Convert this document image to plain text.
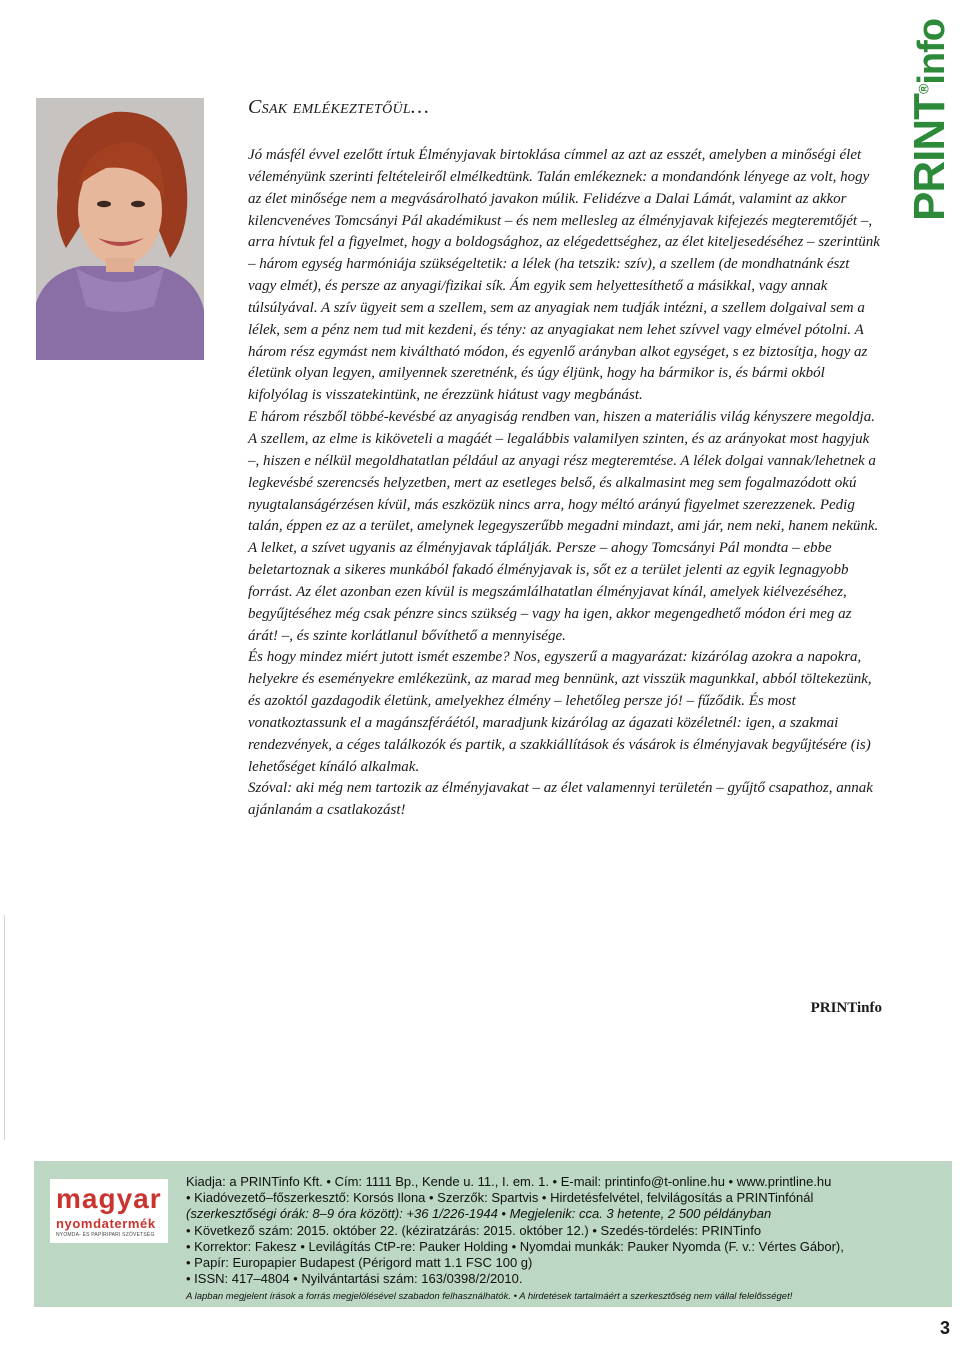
PRINT®info
Csak emlékeztetőül…

Jó másfél évvel ezelőtt írtuk Élményjavak birtoklása címmel az azt az esszét, amelyben a minőségi élet véleményünk szerinti feltételeiről elmélkedtünk. Talán emlékeznek: a mondandónk lényege az volt, hogy az élet minősége nem a megvásárolható javakon múlik. Felidézve a Dalai Lámát, valamint az akkor kilencvenéves Tomcsányi Pál akadémikust – és nem mellesleg az élményjavak kifejezés megteremtőjét –, arra hívtuk fel a figyelmet, hogy a boldogsághoz, az elégedettséghez, az élet kiteljesedéséhez – szerintünk – három egység harmóniája szükségeltetik: a lélek (ha tetszik: szív), a szellem (de mondhatnánk észt vagy elmét), és persze az anyagi/fizikai sík. Ám egyik sem helyettesíthető a másikkal, vagy annak túlsúlyával. A szív ügyeit sem a szellem, sem az anyagiak nem tudják intézni, a szellem dolgaival sem a lélek, sem a pénz nem tud mit kezdeni, és tény: az anyagiakat nem lehet szívvel vagy elmével pótolni. A három rész egymást nem kiváltható módon, és egyenlő arányban alkot egységet, s ez biztosítja, hogy az életünk olyan legyen, amilyennek szeretnénk, és úgy éljünk, hogy ha bármikor is, és bármi okból kifolyólag is visszatekintünk, ne érezzünk hiátust vagy megbánást.

E három részből többé-kevésbé az anyagiság rendben van, hiszen a materiális világ kényszere megoldja. A szellem, az elme is kiköveteli a magáét – legalábbis valamilyen szinten, és az arányokat most hagyjuk –, hiszen e nélkül megoldhatatlan például az anyagi rész megteremtése. A lélek dolgai vannak/lehetnek a legkevésbé szerencsés helyzetben, mert az esetleges belső, és alkalmasint meg sem fogalmazódott okú nyugtalanságérzésen kívül, más eszközük nincs arra, hogy méltó arányú figyelmet szerezzenek. Pedig talán, éppen ez az a terület, amelynek legegyszerűbb megadni mindazt, ami jár, nem neki, hanem nekünk. A lelket, a szívet ugyanis az élményjavak táplálják. Persze – ahogy Tomcsányi Pál mondta – ebbe beletartoznak a sikeres munkából fakadó élményjavak is, sőt ez a terület jelenti az egyik legnagyobb forrást. Az élet azonban ezen kívül is megszámlálhatatlan élményjavat kínál, amelyek kiélvezéséhez, begyűjtéséhez még csak pénzre sincs szükség – vagy ha igen, akkor megengedhető módon éri meg az árát! –, és szinte korlátlanul bővíthető a mennyisége.

És hogy mindez miért jutott ismét eszembe? Nos, egyszerű a magyarázat: kizárólag azokra a napokra, helyekre és eseményekre emlékezünk, az marad meg bennünk, azt visszük magunkkal, abból töltekezünk, és azoktól gazdagodik életünk, amelyekhez élmény – lehetőleg persze jó! – fűződik. És most vonatkoztassunk el a magánszféráétól, maradjunk kizárólag az ágazati közéletnél: igen, a szakmai rendezvények, a céges találkozók és partik, a szakkiállítások és vásárok is élményjavak begyűjtésére (is) lehetőséget kínáló alkalmak.

Szóval: aki még nem tartozik az élményjavakat – az élet valamennyi területén – gyűjtő csapathoz, annak ajánlanám a csatlakozást!

PRINTinfo
magyar
nyomdatermék
NYOMDA- ÉS PAPÍRIPARI SZÖVETSÉG
Kiadja: a PRINTinfo Kft. • Cím: 1111 Bp., Kende u. 11., I. em. 1. • E-mail: printinfo@t-online.hu • www.printline.hu
• Kiadóvezető–főszerkesztő: Korsós Ilona • Szerzők: Spartvis • Hirdetésfelvétel, felvilágosítás a PRINTinfónál
(szerkesztőségi órák: 8–9 óra között): +36 1/226-1944 • Megjelenik: cca. 3 hetente, 2 500 példányban
• Következő szám: 2015. október 22. (kéziratzárás: 2015. október 12.) • Szedés-tördelés: PRINTinfo
• Korrektor: Fakesz • Levilágítás CtP-re: Pauker Holding • Nyomdai munkák: Pauker Nyomda (F. v.: Vértes Gábor),
• Papír: Europapier Budapest (Périgord matt 1.1 FSC 100 g)
• ISSN: 417–4804 • Nyilvántartási szám: 163/0398/2/2010.
A lapban megjelent írások a forrás megjelölésével szabadon felhasználhatók. • A hirdetések tartalmáért a szerkesztőség nem vállal felelősséget!
3
